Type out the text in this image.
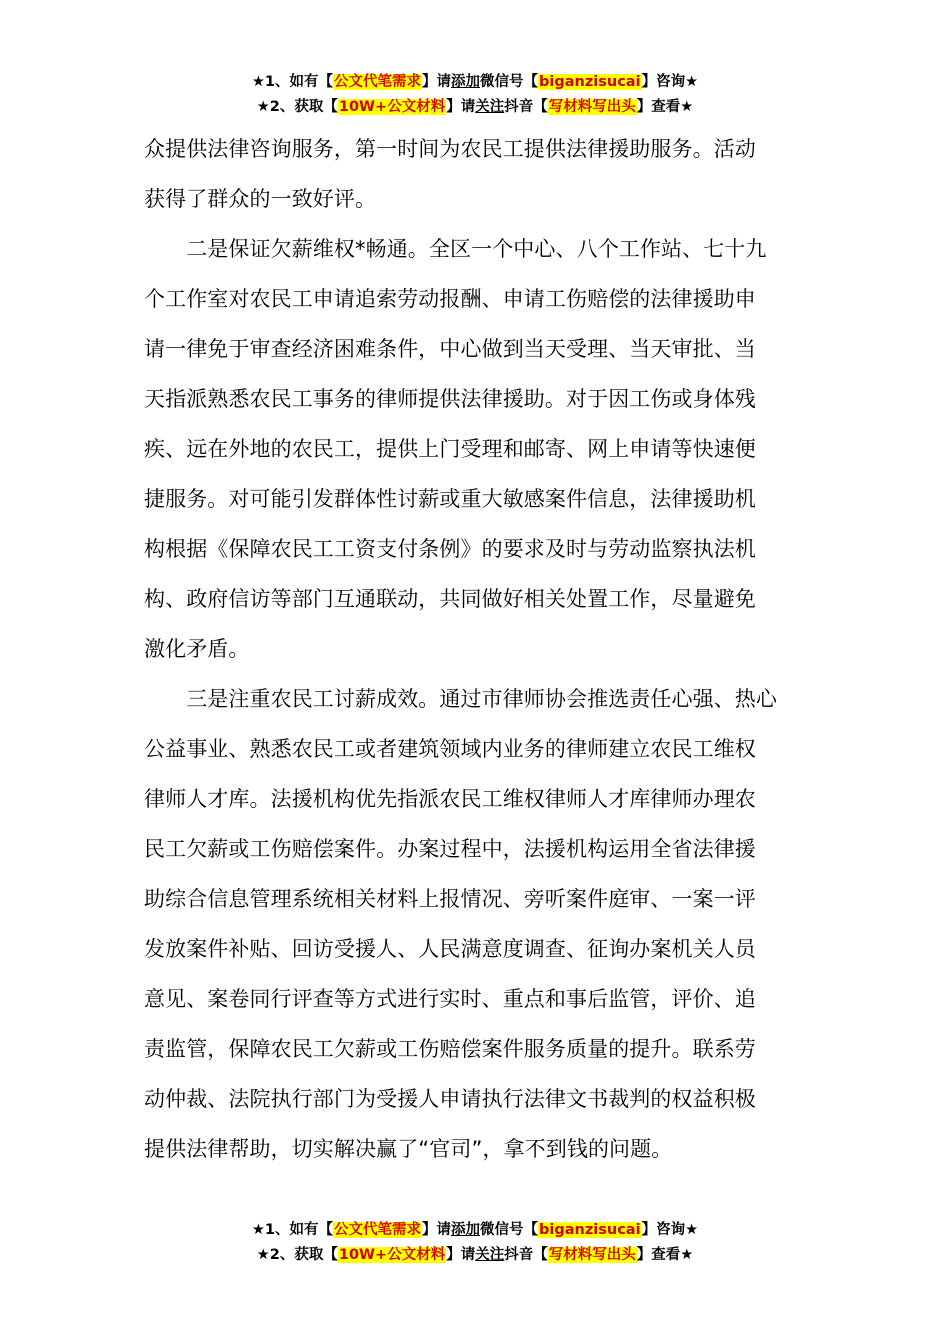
★1、如有【公文代笔需求】请添加微信号【biganzisucai】咨询★
★2、获取【10W+公文材料】请关注抖音【写材料写出头】查看★
众提供法律咨询服务，第一时间为农民工提供法律援助服务。活动
获得了群众的一致好评。
　　二是保证欠薪维权*畅通。全区一个中心、八个工作站、七十九
个工作室对农民工申请追索劳动报酬、申请工伤赔偿的法律援助申
请一律免于审查经济困难条件，中心做到当天受理、当天审批、当
天指派熟悉农民工事务的律师提供法律援助。对于因工伤或身体残
疾、远在外地的农民工，提供上门受理和邮寄、网上申请等快速便
捷服务。对可能引发群体性讨薪或重大敏感案件信息，法律援助机
构根据《保障农民工工资支付条例》的要求及时与劳动监察执法机
构、政府信访等部门互通联动，共同做好相关处置工作，尽量避免
激化矛盾。
　　三是注重农民工讨薪成效。通过市律师协会推选责任心强、热心
公益事业、熟悉农民工或者建筑领域内业务的律师建立农民工维权
律师人才库。法援机构优先指派农民工维权律师人才库律师办理农
民工欠薪或工伤赔偿案件。办案过程中，法援机构运用全省法律援
助综合信息管理系统相关材料上报情况、旁听案件庭审、一案一评
发放案件补贴、回访受援人、人民满意度调查、征询办案机关人员
意见、案卷同行评查等方式进行实时、重点和事后监管，评价、追
责监管，保障农民工欠薪或工伤赔偿案件服务质量的提升。联系劳
动仲裁、法院执行部门为受援人申请执行法律文书裁判的权益积极
提供法律帮助，切实解决赢了“官司”，拿不到钱的问题。
★1、如有【公文代笔需求】请添加微信号【biganzisucai】咨询★
★2、获取【10W+公文材料】请关注抖音【写材料写出头】查看★
